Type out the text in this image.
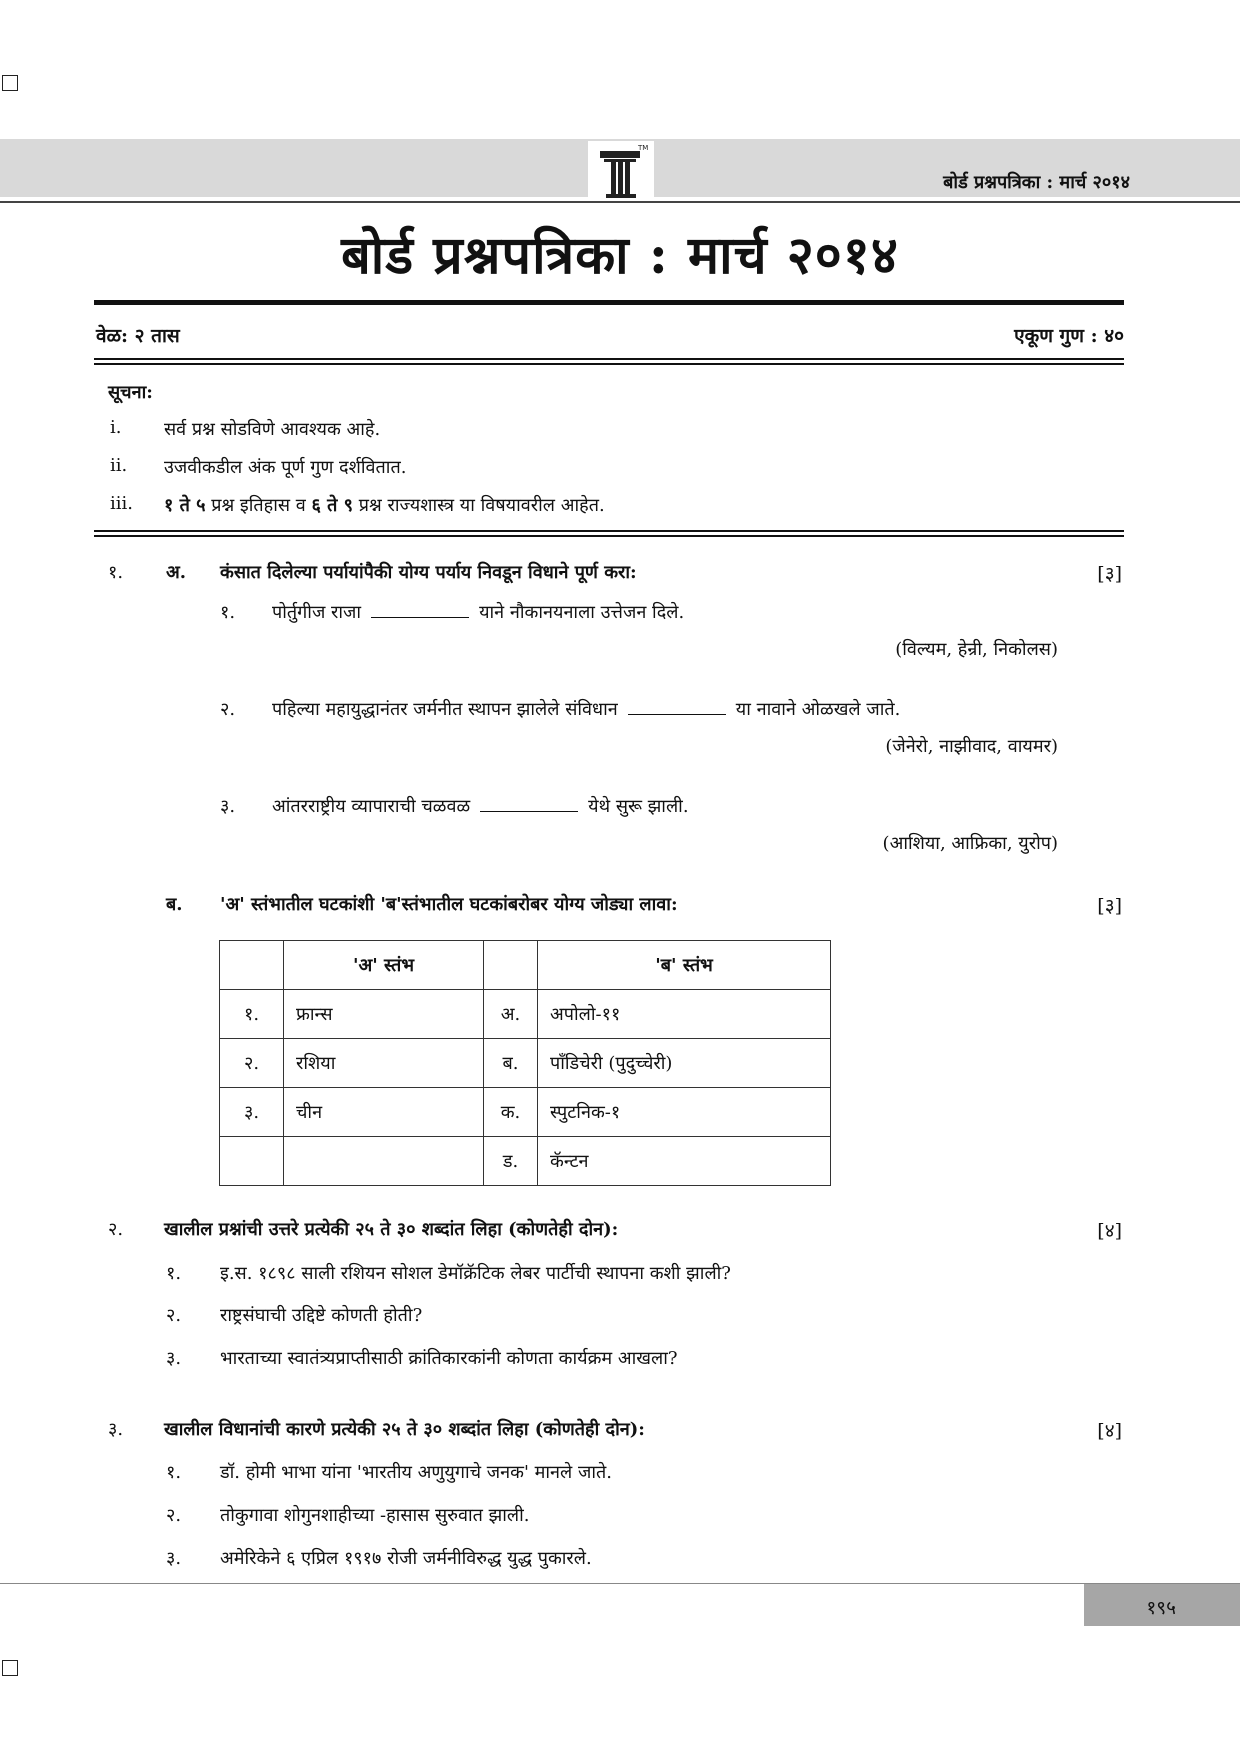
TM
बोर्ड प्रश्नपत्रिका : मार्च २०१४
बोर्ड प्रश्नपत्रिका : मार्च २०१४
वेळ: २ तास	एकूण गुण : ४०
सूचना:
i. सर्व प्रश्न सोडविणे आवश्यक आहे.
ii. उजवीकडील अंक पूर्ण गुण दर्शवितात.
iii. १ ते ५ प्रश्न इतिहास व ६ ते ९ प्रश्न राज्यशास्त्र या विषयावरील आहेत.
१. अ. कंसात दिलेल्या पर्यायांपैकी योग्य पर्याय निवडून विधाने पूर्ण करा:	[३]
१. पोर्तुगीज राजा	याने नौकानयनाला उत्तेजन दिले.
(विल्यम, हेन्री, निकोलस)
२. पहिल्या महायुद्धानंतर जर्मनीत स्थापन झालेले संविधान	या नावाने ओळखले जाते.
(जेनेरो, नाझीवाद, वायमर)
३. आंतरराष्ट्रीय व्यापाराची चळवळ	येथे सुरू झाली.
(आशिया, आफ्रिका, युरोप)
ब. 'अ' स्तंभातील घटकांशी 'ब'स्तंभातील घटकांबरोबर योग्य जोड्या लावा:	[३]
	'अ' स्तंभ		'ब' स्तंभ
१.	फ्रान्स	अ.	अपोलो-११
२.	रशिया	ब.	पाँडिचेरी (पुदुच्चेरी)
३.	चीन	क.	स्पुटनिक-१
		ड.	कॅन्टन
२. खालील प्रश्नांची उत्तरे प्रत्येकी २५ ते ३० शब्दांत लिहा (कोणतेही दोन):	[४]
१. इ.स. १८९८ साली रशियन सोशल डेमॉक्रॅटिक लेबर पार्टीची स्थापना कशी झाली?
२. राष्ट्रसंघाची उद्दिष्टे कोणती होती?
३. भारताच्या स्वातंत्र्यप्राप्तीसाठी क्रांतिकारकांनी कोणता कार्यक्रम आखला?
३. खालील विधानांची कारणे प्रत्येकी २५ ते ३० शब्दांत लिहा (कोणतेही दोन):	[४]
१. डॉ. होमी भाभा यांना 'भारतीय अणुयुगाचे जनक' मानले जाते.
२. तोकुगावा शोगुनशाहीच्या -हासास सुरुवात झाली.
३. अमेरिकेने ६ एप्रिल १९१७ रोजी जर्मनीविरुद्ध युद्ध पुकारले.
१९५
